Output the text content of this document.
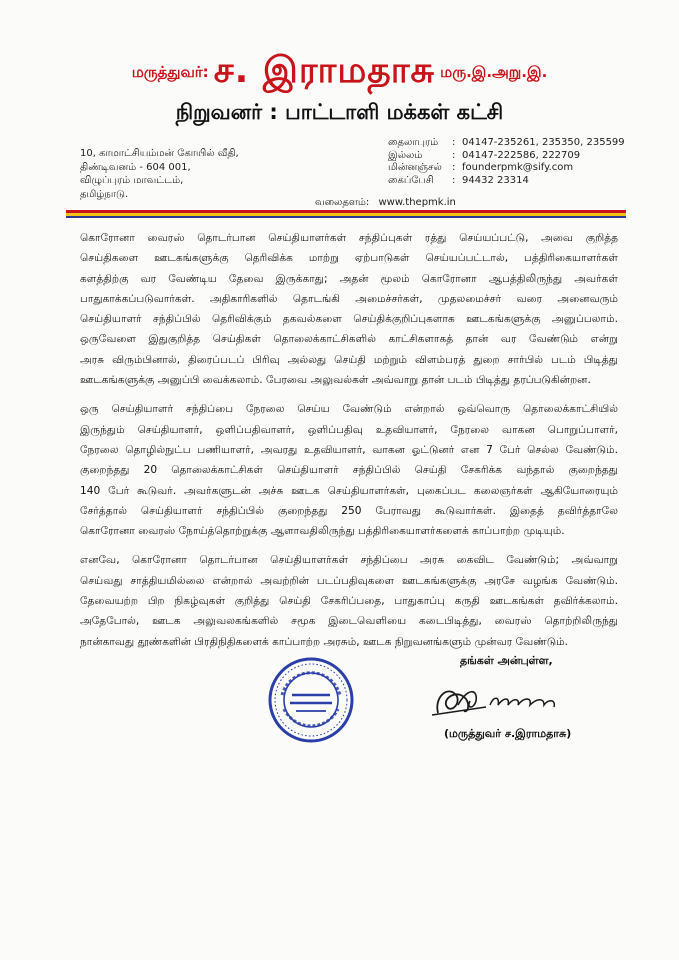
மருத்துவர்: ச. இராமதாசு மரு.இ.அறு.இ.
நிறுவனர் : பாட்டாளி மக்கள் கட்சி
10, காமாட்சியம்மன் கோயில் வீதி,
திண்டிவனம் - 604 001,
விழுப்புரம் மாவட்டம்,
தமிழ்நாடு.
தைலாபுரம்	: 04147-235261, 235350, 235599
இல்லம்	: 04147-222586, 222709
மின்னஞ்சல்	: founderpmk@sify.com
கைப்பேசி	: 94432 23314
வலைதளம்: www.thepmk.in
கொரோனா வைரஸ் தொடர்பான செய்தியாளர்கள் சந்திப்புகள் ரத்து செய்யப்பட்டு, அவை குறித்த
செய்திகளை ஊடகங்களுக்கு தெரிவிக்க மாற்று ஏற்பாடுகள் செய்யப்பட்டால், பத்திரிகையாளர்கள்
களத்திற்கு வர வேண்டிய தேவை இருக்காது; அதன் மூலம் கொரோனா ஆபத்திலிருந்து அவர்கள்
பாதுகாக்கப்படுவார்கள். அதிகாரிகளில் தொடங்கி அமைச்சர்கள், முதலமைச்சர் வரை அனைவரும்
செய்தியாளர் சந்திப்பில் தெரிவிக்கும் தகவல்களை செய்திக்குறிப்புகளாக ஊடகங்களுக்கு அனுப்பலாம்.
ஒருவேளை இதுகுறித்த செய்திகள் தொலைக்காட்சிகளில் காட்சிகளாகத் தான் வர வேண்டும் என்று
அரசு விரும்பினால், திரைப்படப் பிரிவு அல்லது செய்தி மற்றும் விளம்பரத் துறை சார்பில் படம் பிடித்து
ஊடகங்களுக்கு அனுப்பி வைக்கலாம். பேரவை அலுவல்கள் அவ்வாறு தான் படம் பிடித்து தரப்படுகின்றன.
ஒரு செய்தியாளர் சந்திப்பை நேரலை செய்ய வேண்டும் என்றால் ஒவ்வொரு தொலைக்காட்சியில்
இருந்தும் செய்தியாளர், ஒளிப்பதிவாளர், ஒளிப்பதிவு உதவியாளர், நேரலை வாகன பொறுப்பாளர்,
நேரலை தொழில்நுட்ப பணியாளர், அவரது உதவியாளர், வாகன ஓட்டுனர் என 7 பேர் செல்ல வேண்டும்.
குறைந்தது 20 தொலைக்காட்சிகள் செய்தியாளர் சந்திப்பில் செய்தி சேகரிக்க வந்தால் குறைந்தது
140 பேர் கூடுவர். அவர்களுடன் அச்சு ஊடக செய்தியாளர்கள், புகைப்பட கலைஞர்கள் ஆகியோரையும்
சேர்த்தால் செய்தியாளர் சந்திப்பில் குறைந்தது 250 பேராவது கூடுவார்கள். இதைத் தவிர்த்தாலே
கொரோனா வைரஸ் நோய்த்தொற்றுக்கு ஆளாவதிலிருந்து பத்திரிகையாளர்களைக் காப்பாற்ற முடியும்.
எனவே, கொரோனா தொடர்பான செய்தியாளர்கள் சந்திப்பை அரசு கைவிட வேண்டும்; அவ்வாறு
செய்வது சாத்தியமில்லை என்றால் அவற்றின் படப்பதிவுகளை ஊடகங்களுக்கு அரசே வழங்க வேண்டும்.
தேவையற்ற பிற நிகழ்வுகள் குறித்து செய்தி சேகரிப்பதை, பாதுகாப்பு கருதி ஊடகங்கள் தவிர்க்கலாம்.
அதேபோல், ஊடக அலுவலகங்களில் சமூக இடைவெளியை கடைபிடித்து, வைரஸ் தொற்றிலிருந்து
நான்காவது தூண்களின் பிரதிநிதிகளைக் காப்பாற்ற அரசும், ஊடக நிறுவனங்களும் முன்வர வேண்டும்.
தங்கள் அன்புள்ள,
(மருத்துவர் ச.இராமதாசு)
